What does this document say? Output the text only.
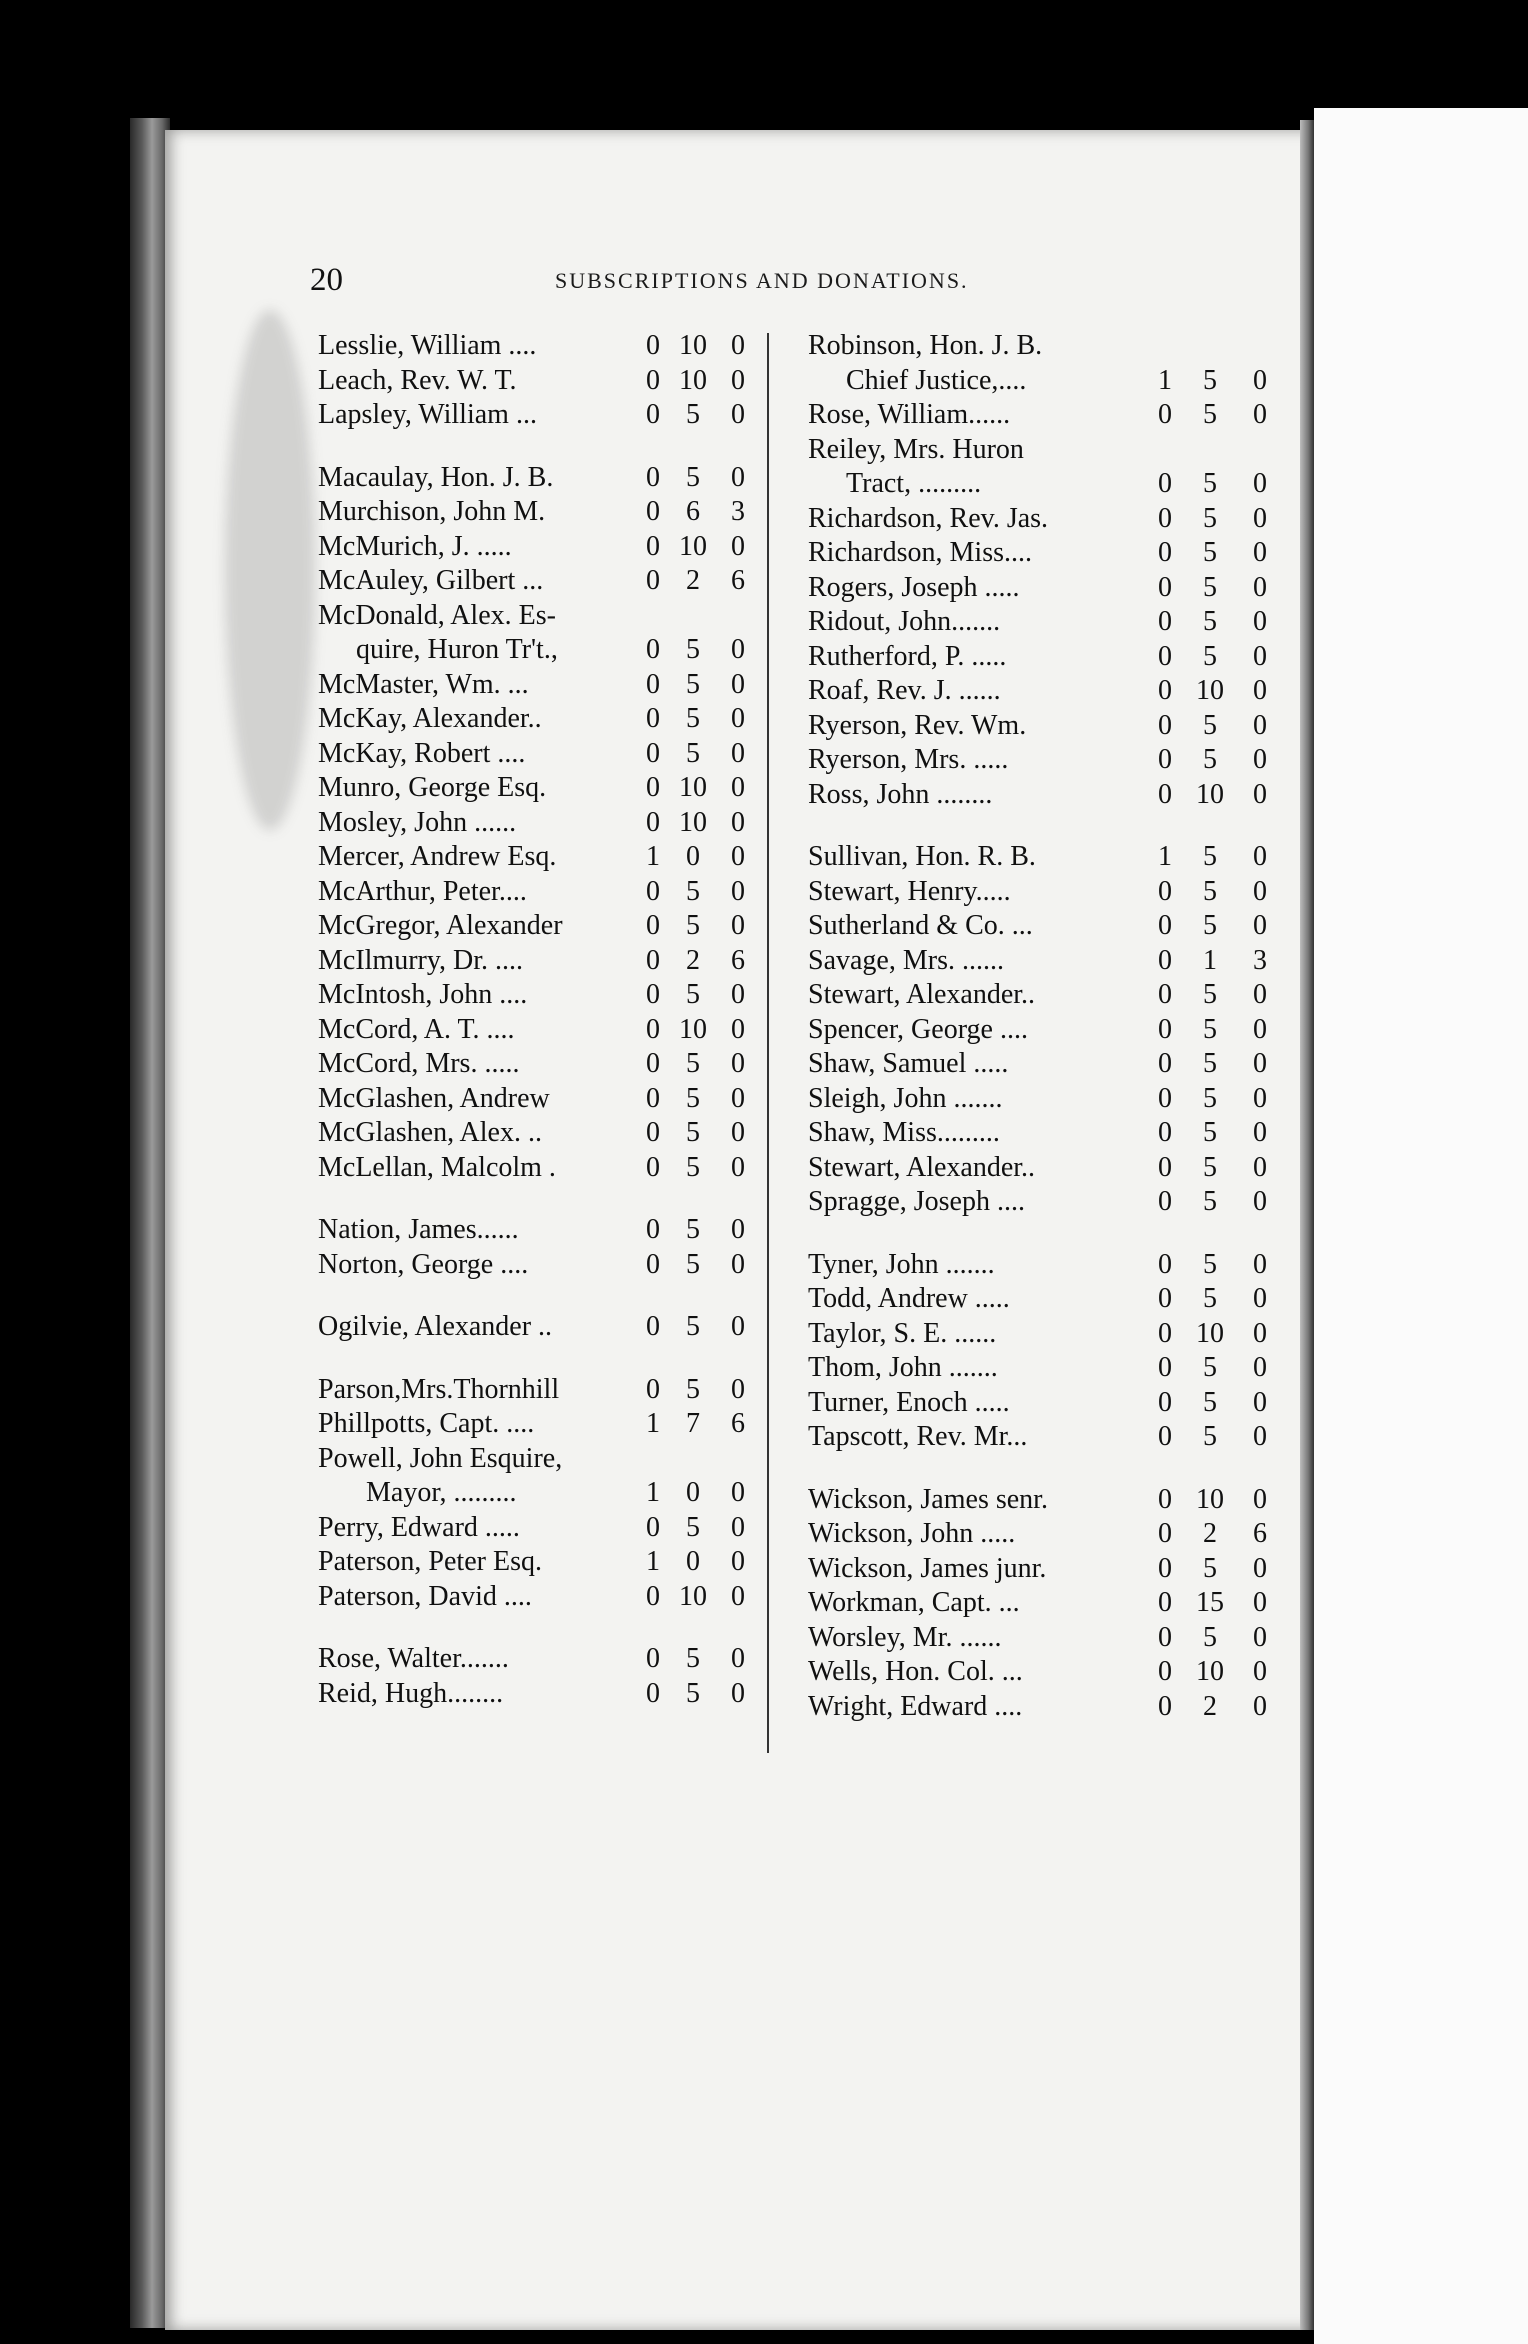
20	SUBSCRIPTIONS AND DONATIONS.
Lesslie, William ....	0 10 0
Leach, Rev. W. T.	0 10 0
Lapsley, William ...	0 5	0
Macaulay, Hon. J. B.	0 5	0
Murchison, John M.	0 6	3
McMurich, J. .....	0 10 0
McAuley, Gilbert ...	0 2	6
McDonald, Alex. Es-
quire, Huron Tr't.,	0 5	0
McMaster, Wm. ...	0 5	0
McKay, Alexander..	0 5	0
McKay, Robert ....	0 5	0
Munro, George Esq.	0 10 0
Mosley, John ......	0 10 0
Mercer, Andrew Esq.	1 0	0
McArthur, Peter....	0 5	0
McGregor, Alexander	0 5	0
McIlmurry, Dr. ....	0 2	6
McIntosh, John ....	0 5	0
McCord, A. T. ....	0 10 0
McCord, Mrs. .....	0 5	0
McGlashen, Andrew	0 5	0
McGlashen, Alex. ..	0 5	0
McLellan, Malcolm .	0 5	0
Nation, James......	0 5	0
Norton, George ....	0 5	0
Ogilvie, Alexander ..	0 5	0
Parson,Mrs.Thornhill	0 5	0
Phillpotts, Capt. ....	1 7	6
Powell, John Esquire,
Mayor, .........	1 0	0
Perry, Edward .....	0 5	0
Paterson, Peter Esq.	1 0	0
Paterson, David ....	0 10 0
Rose, Walter.......	0 5	0
Reid, Hugh........	0 5	0
Robinson, Hon. J. B.
Chief Justice,....	1	5	0
Rose, William......	0	5	0
Reiley, Mrs. Huron
Tract, .........	0	5	0
Richardson, Rev. Jas.	0	5	0
Richardson, Miss....	0	5	0
Rogers, Joseph .....	0	5	0
Ridout, John.......	0	5	0
Rutherford, P. .....	0	5	0
Roaf, Rev. J. ......	0 10	0
Ryerson, Rev. Wm.	0	5	0
Ryerson, Mrs. .....	0	5	0
Ross, John ........	0 10	0
Sullivan, Hon. R. B.	1	5	0
Stewart, Henry.....	0	5	0
Sutherland & Co. ...	0	5	0
Savage, Mrs. ......	0	1	3
Stewart, Alexander..	0	5	0
Spencer, George ....	0	5	0
Shaw, Samuel .....	0	5	0
Sleigh, John .......	0	5	0
Shaw, Miss.........	0	5	0
Stewart, Alexander..	0	5	0
Spragge, Joseph ....	0	5	0
Tyner, John .......	0	5	0
Todd, Andrew .....	0	5	0
Taylor, S. E. ......	0 10	0
Thom, John .......	0	5	0
Turner, Enoch .....	0	5	0
Tapscott, Rev. Mr...	0	5	0
Wickson, James senr.	0 10	0
Wickson, John .....	0	2	6
Wickson, James junr.	0	5	0
Workman, Capt. ...	0 15	0
Worsley, Mr. ......	0	5	0
Wells, Hon. Col. ...	0 10	0
Wright, Edward ....	0	2	0
